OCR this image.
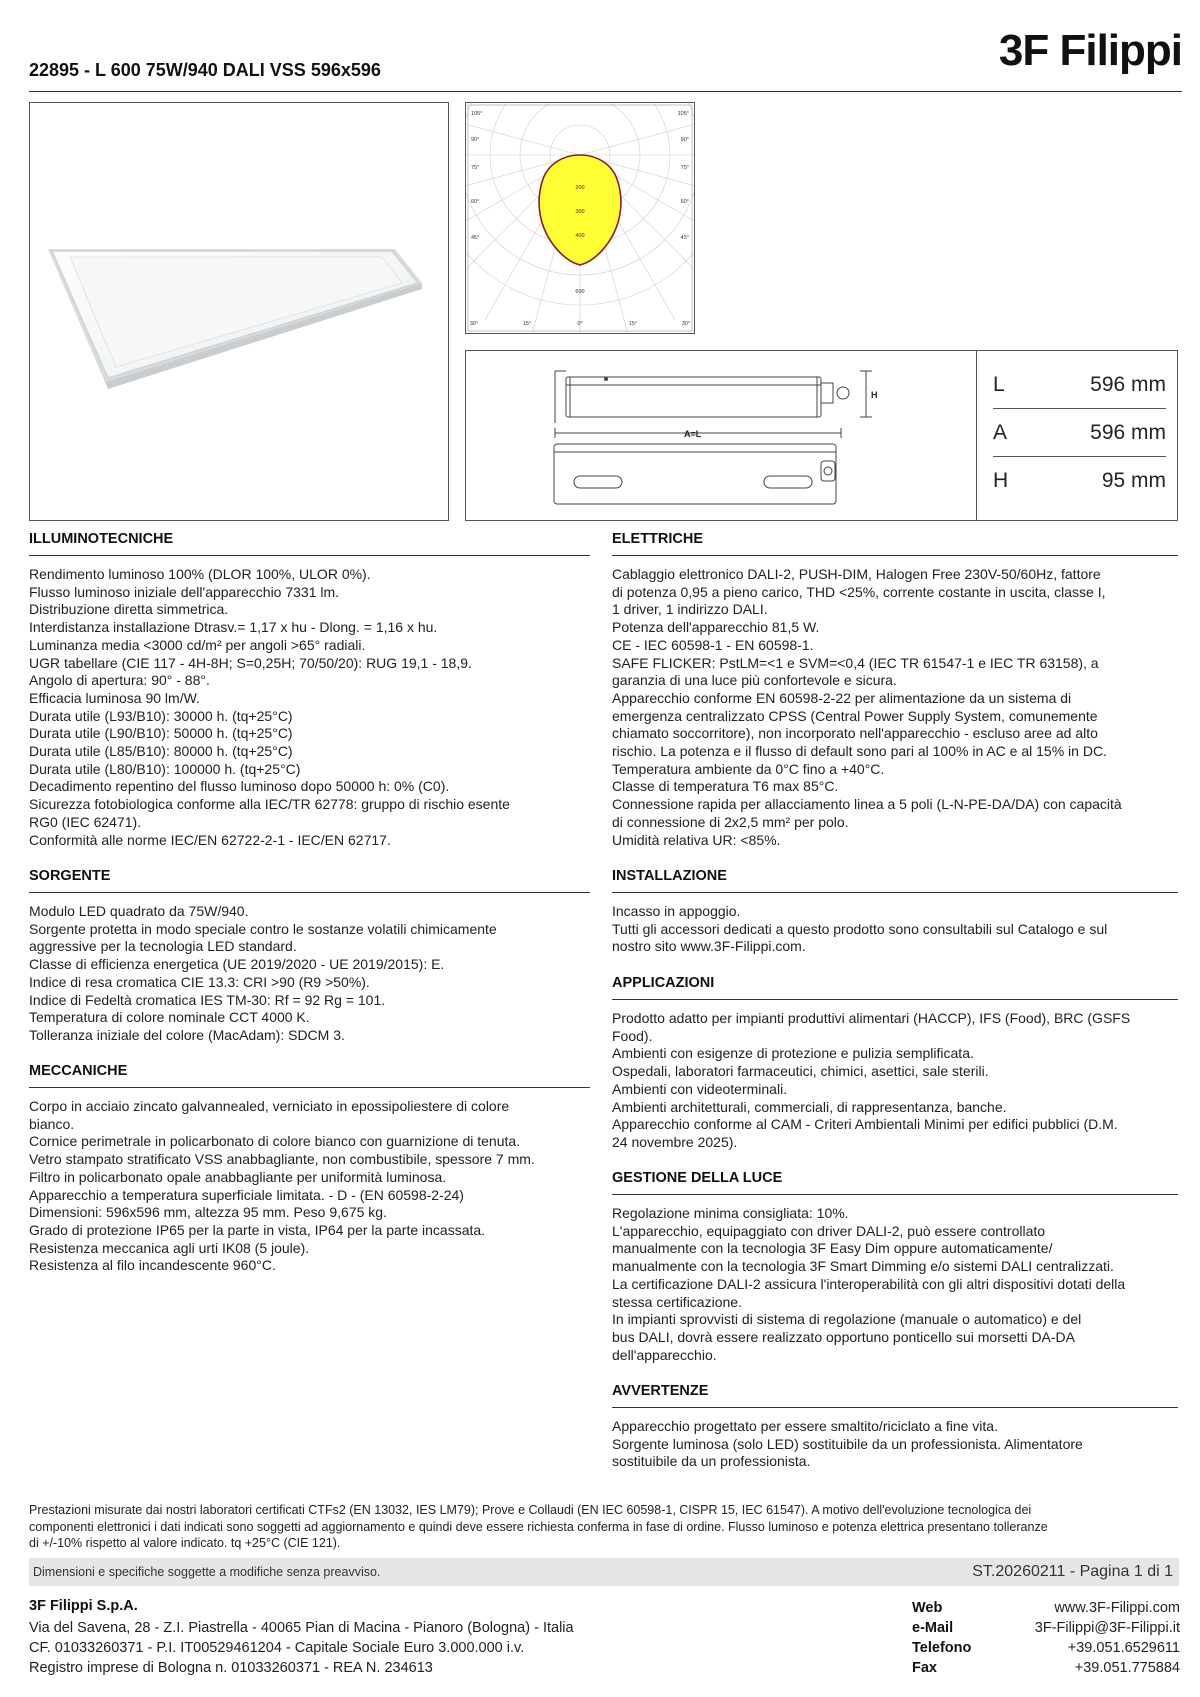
22895 - L 600 75W/940 DALI VSS 596x596	3F Filippi
105°
90°
75°
60°
45°
105°
90°
75°
60°
45°
30°	15°	0°	15°	30°
200
300
400
600
H
A=L
L	596 mm
A	596 mm
H	95 mm
ILLUMINOTECNICHE

Rendimento luminoso 100% (DLOR 100%, ULOR 0%).

Flusso luminoso iniziale dell'apparecchio 7331 lm.

Distribuzione diretta simmetrica.

Interdistanza installazione Dtrasv.= 1,17 x hu - Dlong. = 1,16 x hu.

Luminanza media <3000 cd/m² per angoli >65° radiali.

UGR tabellare (CIE 117 - 4H-8H; S=0,25H; 70/50/20): RUG 19,1 - 18,9.

Angolo di apertura: 90° - 88°.

Efficacia luminosa 90 lm/W.

Durata utile (L93/B10): 30000 h. (tq+25°C)

Durata utile (L90/B10): 50000 h. (tq+25°C)

Durata utile (L85/B10): 80000 h. (tq+25°C)

Durata utile (L80/B10): 100000 h. (tq+25°C)

Decadimento repentino del flusso luminoso dopo 50000 h: 0% (C0).

Sicurezza fotobiologica conforme alla IEC/TR 62778: gruppo di rischio esente

RG0 (IEC 62471).

Conformità alle norme IEC/EN 62722-2-1 - IEC/EN 62717.

SORGENTE

Modulo LED quadrato da 75W/940.

Sorgente protetta in modo speciale contro le sostanze volatili chimicamente

aggressive per la tecnologia LED standard.

Classe di efficienza energetica (UE 2019/2020 - UE 2019/2015): E.

Indice di resa cromatica CIE 13.3: CRI >90 (R9 >50%).

Indice di Fedeltà cromatica IES TM-30: Rf = 92 Rg = 101.

Temperatura di colore nominale CCT 4000 K.

Tolleranza iniziale del colore (MacAdam): SDCM 3.

MECCANICHE

Corpo in acciaio zincato galvannealed, verniciato in epossipoliestere di colore

bianco.

Cornice perimetrale in policarbonato di colore bianco con guarnizione di tenuta.

Vetro stampato stratificato VSS anabbagliante, non combustibile, spessore 7 mm.

Filtro in policarbonato opale anabbagliante per uniformità luminosa.

Apparecchio a temperatura superficiale limitata. - D - (EN 60598-2-24)

Dimensioni: 596x596 mm, altezza 95 mm. Peso 9,675 kg.

Grado di protezione IP65 per la parte in vista, IP64 per la parte incassata.

Resistenza meccanica agli urti IK08 (5 joule).

Resistenza al filo incandescente 960°C.

ELETTRICHE

Cablaggio elettronico DALI-2, PUSH-DIM, Halogen Free 230V-50/60Hz, fattore

di potenza 0,95 a pieno carico, THD <25%, corrente costante in uscita, classe I,

1 driver, 1 indirizzo DALI.

Potenza dell'apparecchio 81,5 W.

CE - IEC 60598-1 - EN 60598-1.

SAFE FLICKER: PstLM=<1 e SVM=<0,4 (IEC TR 61547-1 e IEC TR 63158), a

garanzia di una luce più confortevole e sicura.

Apparecchio conforme EN 60598-2-22 per alimentazione da un sistema di

emergenza centralizzato CPSS (Central Power Supply System, comunemente

chiamato soccorritore), non incorporato nell'apparecchio - escluso aree ad alto

rischio. La potenza e il flusso di default sono pari al 100% in AC e al 15% in DC.

Temperatura ambiente da 0°C fino a +40°C.

Classe di temperatura T6 max 85°C.

Connessione rapida per allacciamento linea a 5 poli (L-N-PE-DA/DA) con capacità

di connessione di 2x2,5 mm² per polo.

Umidità relativa UR: <85%.

INSTALLAZIONE

Incasso in appoggio.

Tutti gli accessori dedicati a questo prodotto sono consultabili sul Catalogo e sul

nostro sito www.3F-Filippi.com.

APPLICAZIONI

Prodotto adatto per impianti produttivi alimentari (HACCP), IFS (Food), BRC (GSFS

Food).

Ambienti con esigenze di protezione e pulizia semplificata.

Ospedali, laboratori farmaceutici, chimici, asettici, sale sterili.

Ambienti con videoterminali.

Ambienti architetturali, commerciali, di rappresentanza, banche.

Apparecchio conforme al CAM - Criteri Ambientali Minimi per edifici pubblici (D.M.

24 novembre 2025).

GESTIONE DELLA LUCE

Regolazione minima consigliata: 10%.

L'apparecchio, equipaggiato con driver DALI-2, può essere controllato

manualmente con la tecnologia 3F Easy Dim oppure automaticamente/

manualmente con la tecnologia 3F Smart Dimming e/o sistemi DALI centralizzati.

La certificazione DALI-2 assicura l'interoperabilità con gli altri dispositivi dotati della

stessa certificazione.

In impianti sprovvisti di sistema di regolazione (manuale o automatico) e del

bus DALI, dovrà essere realizzato opportuno ponticello sui morsetti DA-DA

dell'apparecchio.

AVVERTENZE

Apparecchio progettato per essere smaltito/riciclato a fine vita.

Sorgente luminosa (solo LED) sostituibile da un professionista. Alimentatore

sostituibile da un professionista.

Prestazioni misurate dai nostri laboratori certificati CTFs2 (EN 13032, IES LM79); Prove e Collaudi (EN IEC 60598-1, CISPR 15, IEC 61547). A motivo dell'evoluzione tecnologica dei
componenti elettronici i dati indicati sono soggetti ad aggiornamento e quindi deve essere richiesta conferma in fase di ordine. Flusso luminoso e potenza elettrica presentano tolleranze
di +/-10% rispetto al valore indicato. tq +25°C (CIE 121).
Dimensioni e specifiche soggette a modifiche senza preavviso.	ST.20260211 - Pagina 1 di 1
3F Filippi S.p.A.
Via del Savena, 28 - Z.I. Piastrella - 40065 Pian di Macina - Pianoro (Bologna) - Italia
CF. 01033260371 - P.I. IT00529461204 - Capitale Sociale Euro 3.000.000 i.v.
Registro imprese di Bologna n. 01033260371 - REA N. 234613
Web	www.3F-Filippi.com
e-Mail	3F-Filippi@3F-Filippi.it
Telefono	+39.051.6529611
Fax	+39.051.775884
